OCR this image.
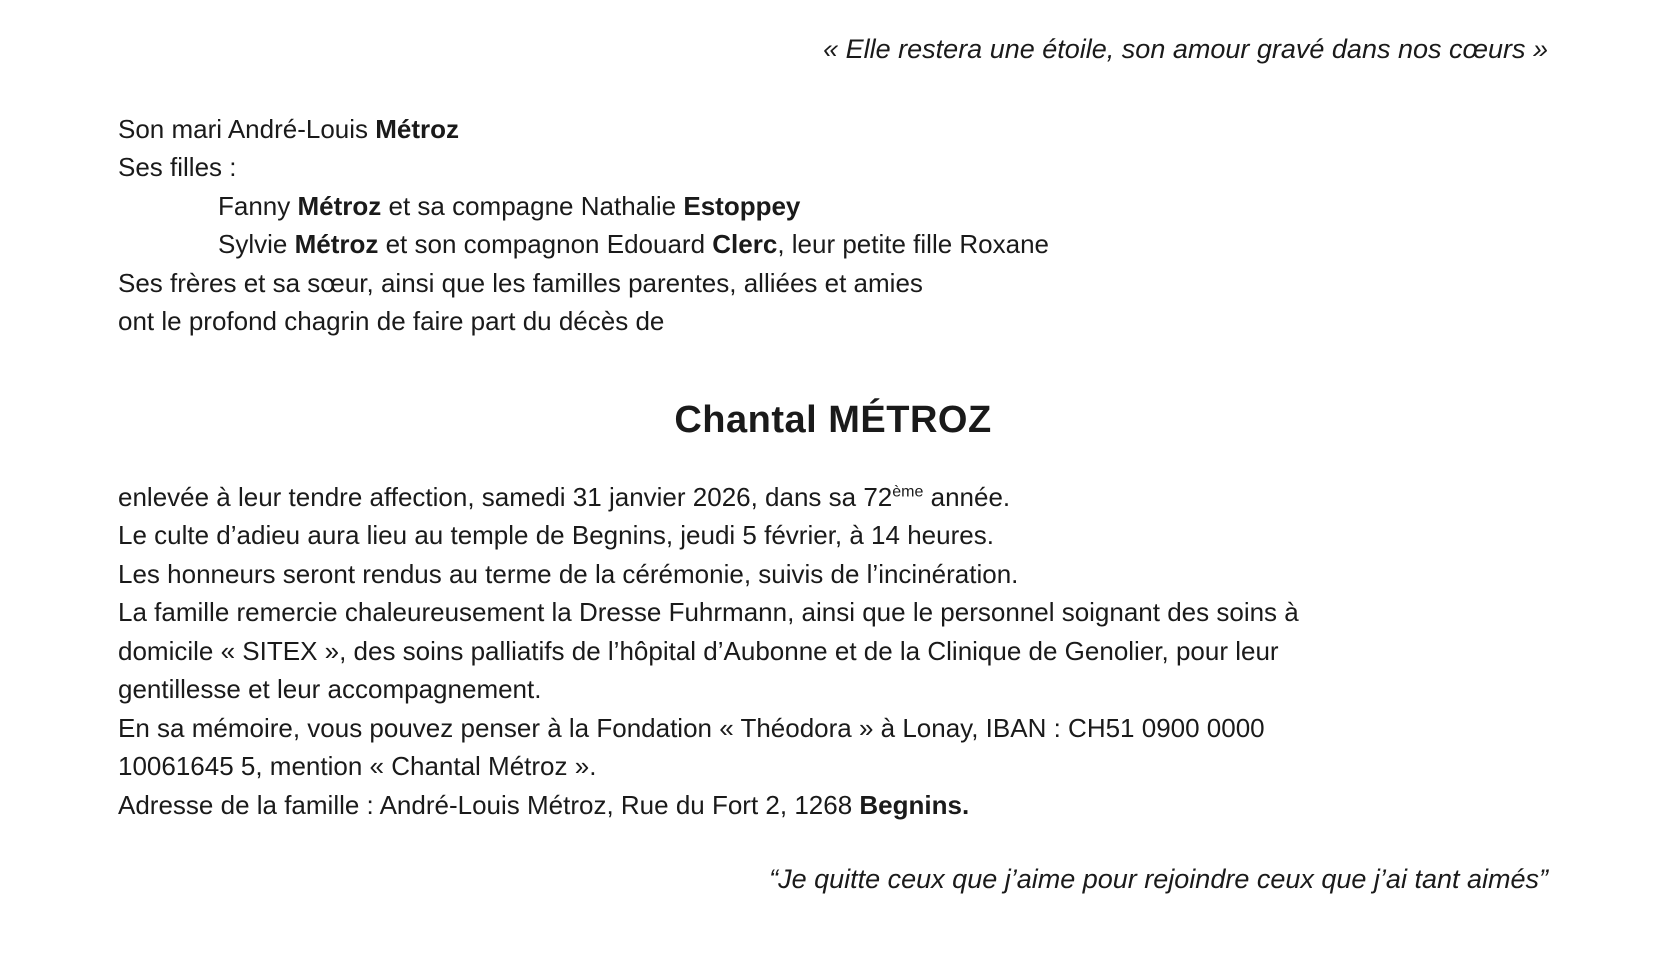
« Elle restera une étoile, son amour gravé dans nos cœurs »
Son mari André-Louis Métroz
Ses filles :
Fanny Métroz et sa compagne Nathalie Estoppey
Sylvie Métroz et son compagnon Edouard Clerc, leur petite fille Roxane
Ses frères et sa sœur, ainsi que les familles parentes, alliées et amies
ont le profond chagrin de faire part du décès de
Chantal MÉTROZ
enlevée à leur tendre affection, samedi 31 janvier 2026, dans sa 72ème année.
Le culte d’adieu aura lieu au temple de Begnins, jeudi 5 février, à 14 heures.
Les honneurs seront rendus au terme de la cérémonie, suivis de l’incinération.
La famille remercie chaleureusement la Dresse Fuhrmann, ainsi que le personnel soignant des soins à
domicile « SITEX », des soins palliatifs de l’hôpital d’Aubonne et de la Clinique de Genolier, pour leur
gentillesse et leur accompagnement.
En sa mémoire, vous pouvez penser à la Fondation « Théodora » à Lonay, IBAN : CH51 0900 0000
10061645 5, mention « Chantal Métroz ».
Adresse de la famille : André-Louis Métroz, Rue du Fort 2, 1268 Begnins.
“Je quitte ceux que j’aime pour rejoindre ceux que j’ai tant aimés”
